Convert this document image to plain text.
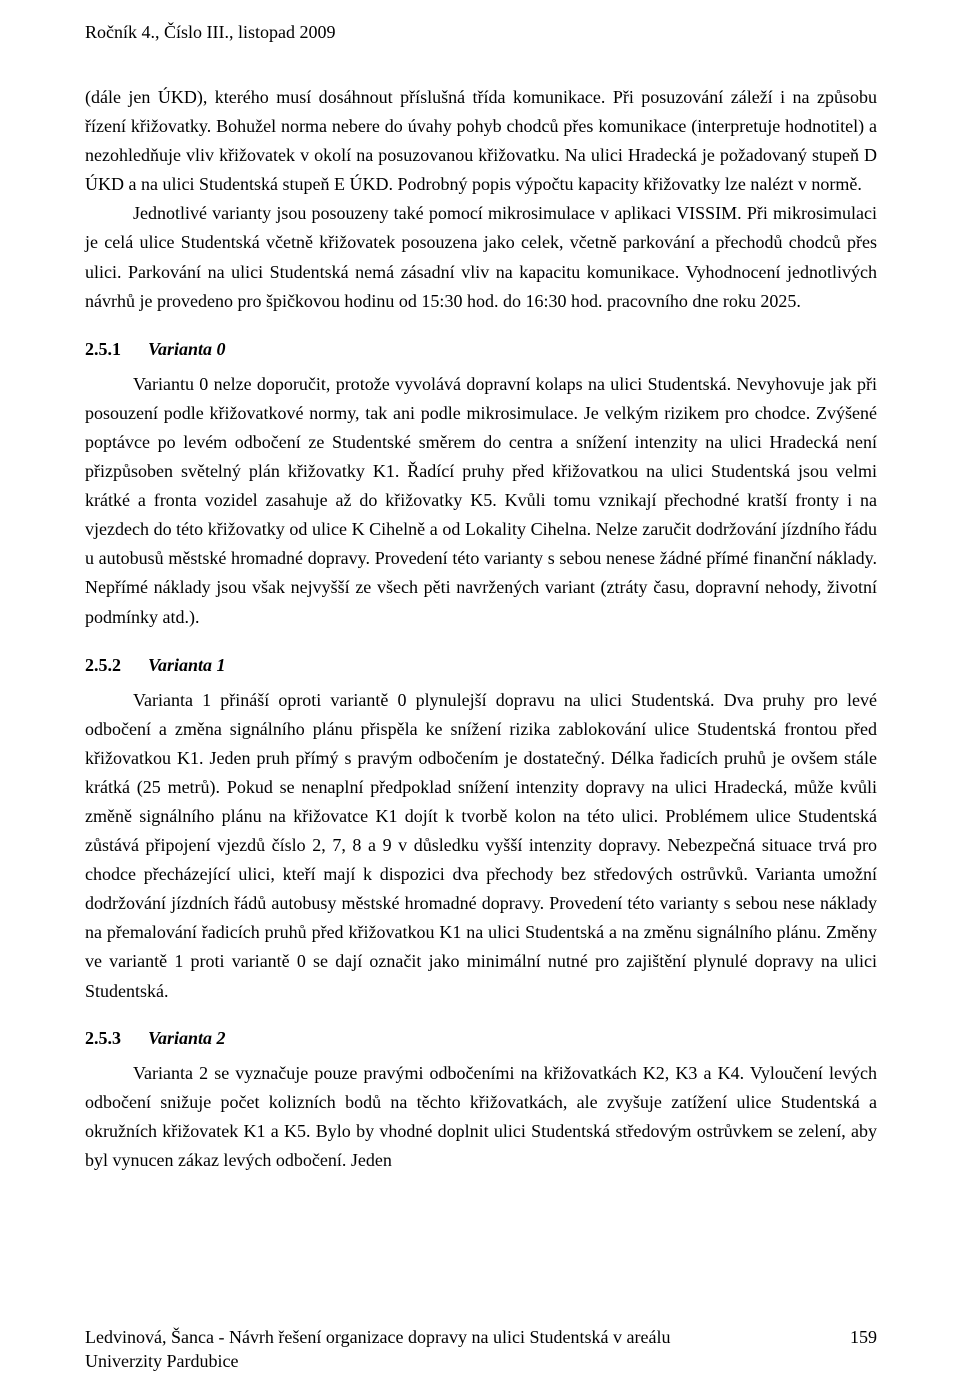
Ročník 4., Číslo III., listopad 2009

(dále jen ÚKD), kterého musí dosáhnout příslušná třída komunikace. Při posuzování záleží i na způsobu řízení křižovatky. Bohužel norma nebere do úvahy pohyb chodců přes komunikace (interpretuje hodnotitel) a nezohledňuje vliv křižovatek v okolí na posuzovanou křižovatku. Na ulici Hradecká je požadovaný stupeň D ÚKD a na ulici Studentská stupeň E ÚKD. Podrobný popis výpočtu kapacity křižovatky lze nalézt v normě.

Jednotlivé varianty jsou posouzeny také pomocí mikrosimulace v aplikaci VISSIM. Při mikrosimulaci je celá ulice Studentská včetně křižovatek posouzena jako celek, včetně parkování a přechodů chodců přes ulici. Parkování na ulici Studentská nemá zásadní vliv na kapacitu komunikace. Vyhodnocení jednotlivých návrhů je provedeno pro špičkovou hodinu od 15:30 hod. do 16:30 hod. pracovního dne roku 2025.

2.5.1	Varianta 0

Variantu 0 nelze doporučit, protože vyvolává dopravní kolaps na ulici Studentská. Nevyhovuje jak při posouzení podle křižovatkové normy, tak ani podle mikrosimulace. Je velkým rizikem pro chodce. Zvýšené poptávce po levém odbočení ze Studentské směrem do centra a snížení intenzity na ulici Hradecká není přizpůsoben světelný plán křižovatky K1. Řadící pruhy před křižovatkou na ulici Studentská jsou velmi krátké a fronta vozidel zasahuje až do křižovatky K5. Kvůli tomu vznikají přechodné kratší fronty i na vjezdech do této křižovatky od ulice K Cihelně a od Lokality Cihelna. Nelze zaručit dodržování jízdního řádu u autobusů městské hromadné dopravy. Provedení této varianty s sebou nenese žádné přímé finanční náklady. Nepřímé náklady jsou však nejvyšší ze všech pěti navržených variant (ztráty času, dopravní nehody, životní podmínky atd.).

2.5.2	Varianta 1

Varianta 1 přináší oproti variantě 0 plynulejší dopravu na ulici Studentská. Dva pruhy pro levé odbočení a změna signálního plánu přispěla ke snížení rizika zablokování ulice Studentská frontou před křižovatkou K1. Jeden pruh přímý s pravým odbočením je dostatečný. Délka řadicích pruhů je ovšem stále krátká (25 metrů). Pokud se nenaplní předpoklad snížení intenzity dopravy na ulici Hradecká, může kvůli změně signálního plánu na křižovatce K1 dojít k tvorbě kolon na této ulici. Problémem ulice Studentská zůstává připojení vjezdů číslo 2, 7, 8 a 9 v důsledku vyšší intenzity dopravy. Nebezpečná situace trvá pro chodce přecházející ulici, kteří mají k dispozici dva přechody bez středových ostrůvků. Varianta umožní dodržování jízdních řádů autobusy městské hromadné dopravy. Provedení této varianty s sebou nese náklady na přemalování řadicích pruhů před křižovatkou K1 na ulici Studentská a na změnu signálního plánu. Změny ve variantě 1 proti variantě 0 se dají označit jako minimální nutné pro zajištění plynulé dopravy na ulici Studentská.

2.5.3	Varianta 2

Varianta 2 se vyznačuje pouze pravými odbočeními na křižovatkách K2, K3 a K4. Vyloučení levých odbočení snižuje počet kolizních bodů na těchto křižovatkách, ale zvyšuje zatížení ulice Studentská a okružních křižovatek K1 a K5. Bylo by vhodné doplnit ulici Studentská středovým ostrůvkem se zelení, aby byl vynucen zákaz levých odbočení. Jeden

Ledvinová, Šanca - Návrh řešení organizace dopravy na ulici Studentská v areálu	159
Univerzity Pardubice
